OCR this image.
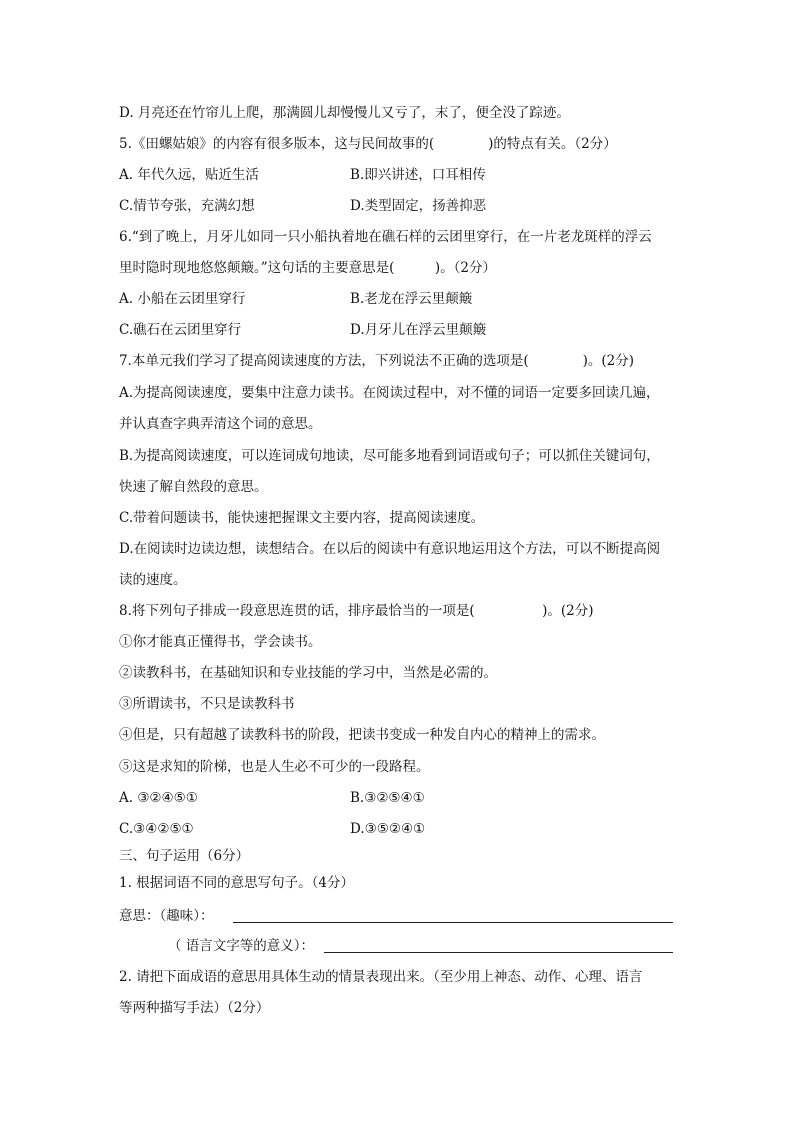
D. 月亮还在竹帘儿上爬，那满圆儿却慢慢儿又亏了，末了，便全没了踪迹。
5.《田螺姑娘》的内容有很多版本，这与民间故事的(　　　　)的特点有关。（2分）
A. 年代久远，贴近生活	B.即兴讲述，口耳相传
C.情节夸张，充满幻想	D.类型固定，扬善抑恶
6.“到了晚上，月牙儿如同一只小船执着地在礁石样的云团里穿行，在一片老龙斑样的浮云
里时隐时现地悠悠颠簸。”这句话的主要意思是(　　　)。（2分）
A. 小船在云团里穿行	B.老龙在浮云里颠簸
C.礁石在云团里穿行	D.月牙儿在浮云里颠簸
7.本单元我们学习了提高阅读速度的方法，下列说法不正确的选项是(　　　　)。(2分)
A.为提高阅读速度，要集中注意力读书。在阅读过程中，对不懂的词语一定要多回读几遍，
并认真查字典弄清这个词的意思。
B.为提高阅读速度，可以连词成句地读，尽可能多地看到词语或句子；可以抓住关键词句，
快速了解自然段的意思。
C.带着问题读书，能快速把握课文主要内容，提高阅读速度。
D.在阅读时边读边想，读想结合。在以后的阅读中有意识地运用这个方法，可以不断提高阅
读的速度。
8.将下列句子排成一段意思连贯的话，排序最恰当的一项是(　　　　　)。(2分)
①你才能真正懂得书，学会读书。
②读教科书，在基础知识和专业技能的学习中，当然是必需的。
③所谓读书，不只是读教科书
④但是，只有超越了读教科书的阶段，把读书变成一种发自内心的精神上的需求。
⑤这是求知的阶梯，也是人生必不可少的一段路程。
A. ③②④⑤①	B.③②⑤④①
C.③④②⑤①	D.③⑤②④①
三、句子运用（6分）
1. 根据词语不同的意思写句子。（4分）
意思：（趣味）：
（ 语言文字等的意义）：
2. 请把下面成语的意思用具体生动的情景表现出来。（至少用上神态、动作、心理、语言
等两种描写手法）（2分）
